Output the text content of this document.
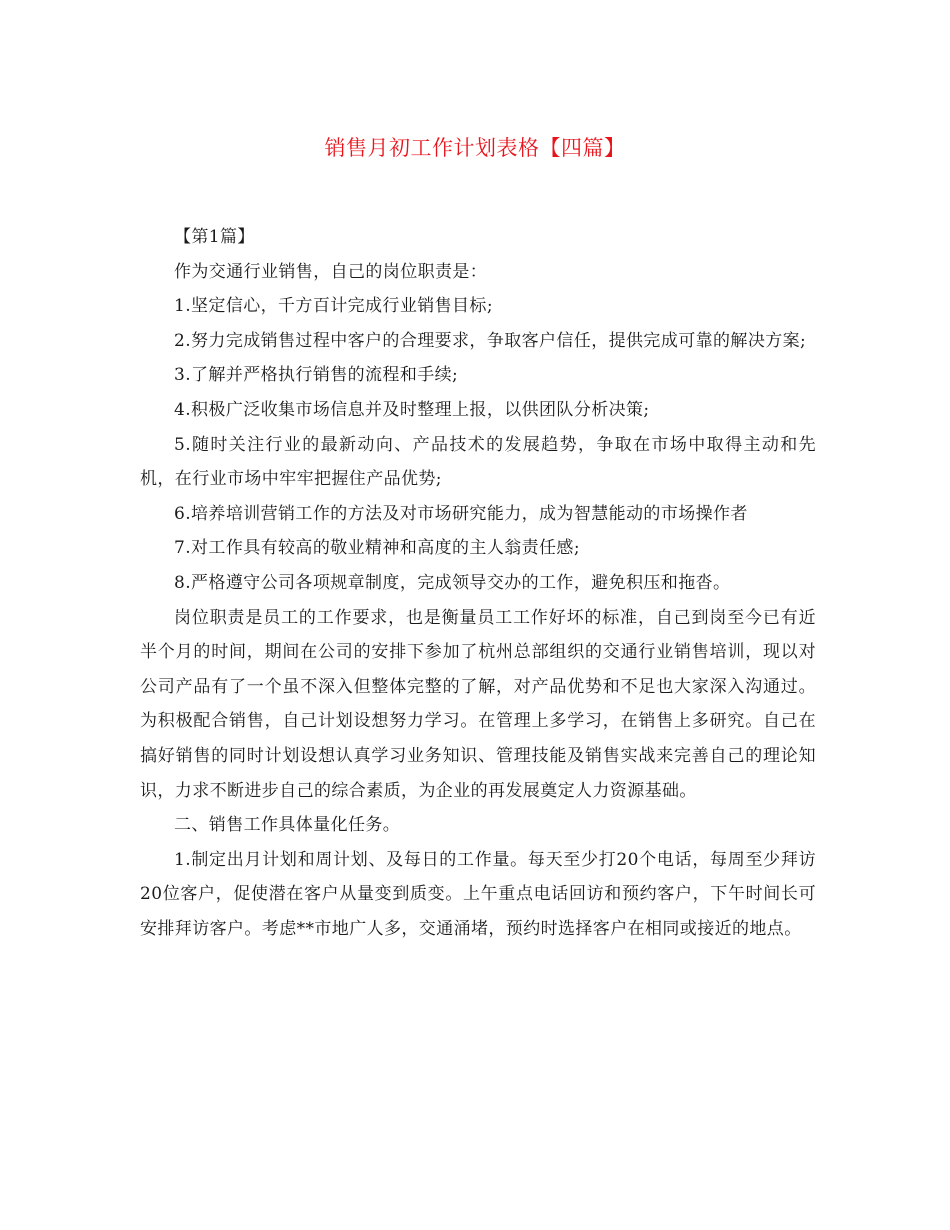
销售月初工作计划表格【四篇】

【第1篇】

作为交通行业销售，自己的岗位职责是：

1.坚定信心，千方百计完成行业销售目标;

2.努力完成销售过程中客户的合理要求，争取客户信任，提供完成可靠的解决方案;

3.了解并严格执行销售的流程和手续;

4.积极广泛收集市场信息并及时整理上报，以供团队分析决策;

5.随时关注行业的最新动向、产品技术的发展趋势，争取在市场中取得主动和先机，在行业市场中牢牢把握住产品优势;

6.培养培训营销工作的方法及对市场研究能力，成为智慧能动的市场操作者

7.对工作具有较高的敬业精神和高度的主人翁责任感;

8.严格遵守公司各项规章制度，完成领导交办的工作，避免积压和拖沓。

岗位职责是员工的工作要求，也是衡量员工工作好坏的标准，自己到岗至今已有近半个月的时间，期间在公司的安排下参加了杭州总部组织的交通行业销售培训，现以对公司产品有了一个虽不深入但整体完整的了解，对产品优势和不足也大家深入沟通过。为积极配合销售，自己计划设想努力学习。在管理上多学习，在销售上多研究。自己在搞好销售的同时计划设想认真学习业务知识、管理技能及销售实战来完善自己的理论知识，力求不断进步自己的综合素质，为企业的再发展奠定人力资源基础。

二、销售工作具体量化任务。

1.制定出月计划和周计划、及每日的工作量。每天至少打20个电话，每周至少拜访20位客户，促使潜在客户从量变到质变。上午重点电话回访和预约客户，下午时间长可安排拜访客户。考虑**市地广人多，交通涌堵，预约时选择客户在相同或接近的地点。
